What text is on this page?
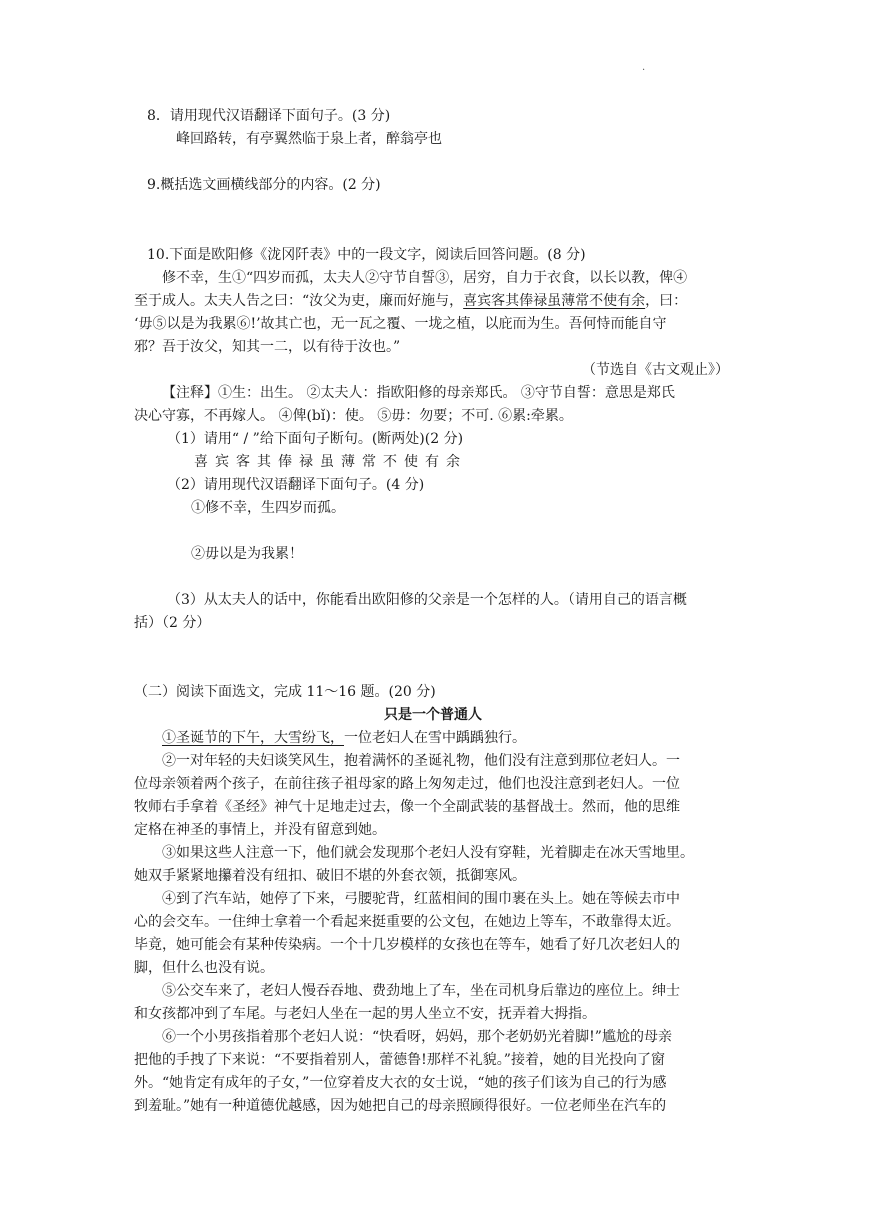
.
8．请用现代汉语翻译下面句子。(3 分)
峰回路转，有亭翼然临于泉上者，醉翁亭也
9.概括选文画横线部分的内容。(2 分)
10.下面是欧阳修《泷冈阡表》中的一段文字，阅读后回答问题。(8 分)
修不幸，生①“四岁而孤，太夫人②守节自誓③，居穷，自力于衣食，以长以教，俾④
至于成人。太夫人告之曰：“汝父为吏，廉而好施与，喜宾客其俸禄虽薄常不使有余，曰：
‘毋⑤以是为我累⑥!’故其亡也，无一瓦之覆、一垅之植，以庇而为生。吾何恃而能自守
邪？吾于汝父，知其一二，以有待于汝也。”
（节选自《古文观止》）
【注释】①生：出生。 ②太夫人：指欧阳修的母亲郑氏。 ③守节自誓：意思是郑氏
决心守寡，不再嫁人。 ④俾(bǐ)：使。 ⑤毋：勿要；不可. ⑥累:牵累。
（1）请用“ / ”给下面句子断句。(断两处)(2 分)
喜宾客其俸禄虽薄常不使有余
（2）请用现代汉语翻译下面句子。(4 分)
①修不幸，生四岁而孤。
②毋以是为我累！
（3）从太夫人的话中，你能看出欧阳修的父亲是一个怎样的人。（请用自己的语言概
括）（2 分）
（二）阅读下面选文，完成 11～16 题。(20 分)
只是一个普通人
①圣诞节的下午，大雪纷飞，一位老妇人在雪中踽踽独行。
②一对年轻的夫妇谈笑风生，抱着满怀的圣诞礼物，他们没有注意到那位老妇人。一
位母亲领着两个孩子，在前往孩子祖母家的路上匆匆走过，他们也没注意到老妇人。一位
牧师右手拿着《圣经》神气十足地走过去，像一个全副武装的基督战士。然而，他的思维
定格在神圣的事情上，并没有留意到她。
③如果这些人注意一下，他们就会发现那个老妇人没有穿鞋，光着脚走在冰天雪地里。
她双手紧紧地攥着没有纽扣、破旧不堪的外套衣领，抵御寒风。
④到了汽车站，她停了下来，弓腰驼背，红蓝相间的围巾裹在头上。她在等候去市中
心的会交车。一住绅士拿着一个看起来挺重要的公文包，在她边上等车，不敢靠得太近。
毕竟，她可能会有某种传染病。一个十几岁模样的女孩也在等车，她看了好几次老妇人的
脚，但什么也没有说。
⑤公交车来了，老妇人慢吞吞地、费劲地上了车，坐在司机身后靠边的座位上。绅士
和女孩都冲到了车尾。与老妇人坐在一起的男人坐立不安，抚弄着大拇指。
⑥一个小男孩指着那个老妇人说：“快看呀，妈妈，那个老奶奶光着脚!”尴尬的母亲
把他的手拽了下来说：“不要指着别人，蕾德鲁!那样不礼貌。”接着，她的目光投向了窗
外。“她肯定有成年的子女，”一位穿着皮大衣的女士说，“她的孩子们该为自己的行为感
到羞耻。”她有一种道德优越感，因为她把自己的母亲照顾得很好。一位老师坐在汽车的
